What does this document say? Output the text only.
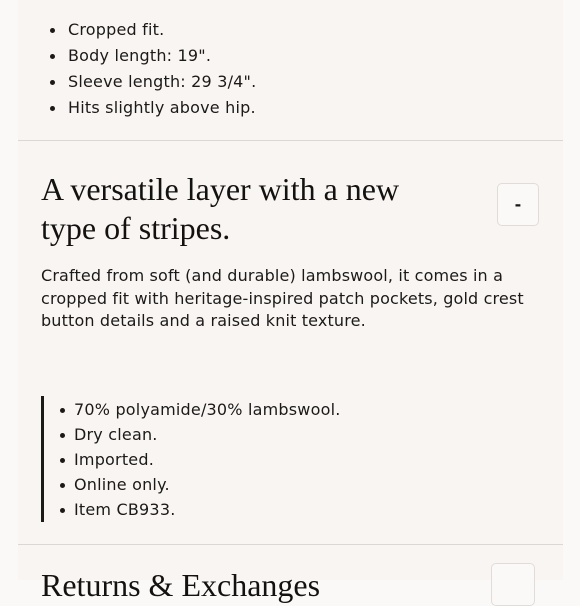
Cropped fit.
Body length: 19".
Sleeve length: 29 3/4".
Hits slightly above hip.
A versatile layer with a new type of stripes.
-
Crafted from soft (and durable) lambswool, it comes in a cropped fit with heritage-inspired patch pockets, gold crest button details and a raised knit texture.
70% polyamide/30% lambswool.
Dry clean.
Imported.
Online only.
Item CB933.
Returns & Exchanges
